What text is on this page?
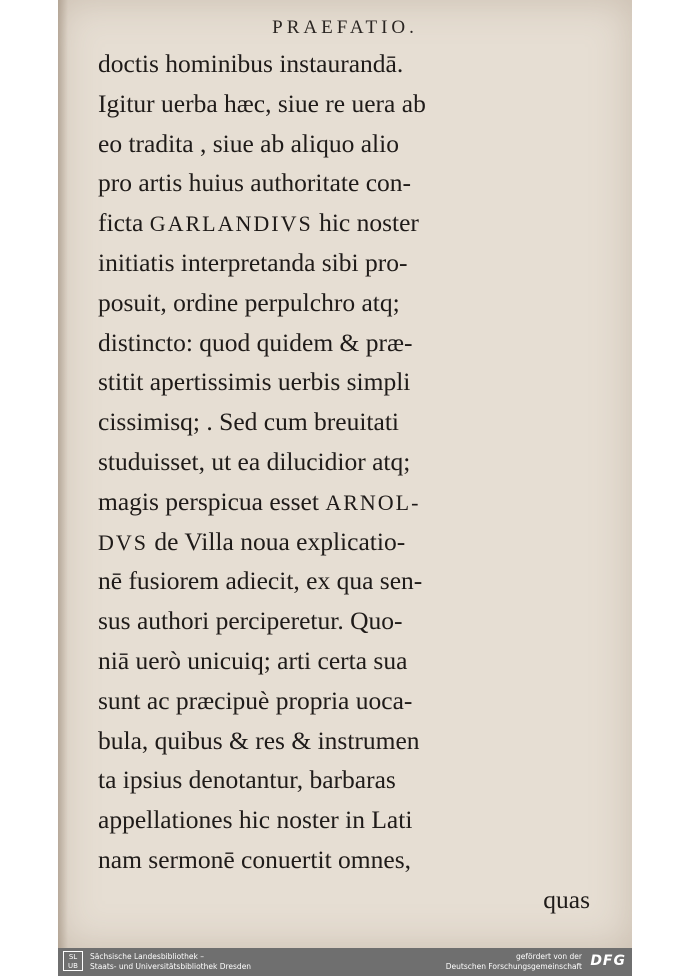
PRAEFATIO.
doctis hominibus instaurandā.
Igitur uerba hæc, siue re uera ab
eo tradita , siue ab aliquo alio
pro artis huius authoritate con-
ficta GARLANDIVS hic noster
initiatis interpretanda sibi pro-
posuit, ordine perpulchro atq;
distincto: quod quidem & præ-
stitit apertissimis uerbis simpli
cissimisq; . Sed cum breuitati
studuisset, ut ea dilucidior atq;
magis perspicua esset ARNOL-
DVS de Villa noua explicatio-
nē fusiorem adiecit, ex qua sen-
sus authori perciperetur. Quo-
niā uerò unicuiq; arti certa sua
sunt ac præcipuè propria uoca-
bula, quibus & res & instrumen
ta ipsius denotantur, barbaras
appellationes hic noster in Lati
nam sermonē conuertit omnes,
quas
SL UB
Sächsische Landesbibliothek –
Staats- und Universitätsbibliothek Dresden
gefördert von der
Deutschen Forschungsgemeinschaft DFG
